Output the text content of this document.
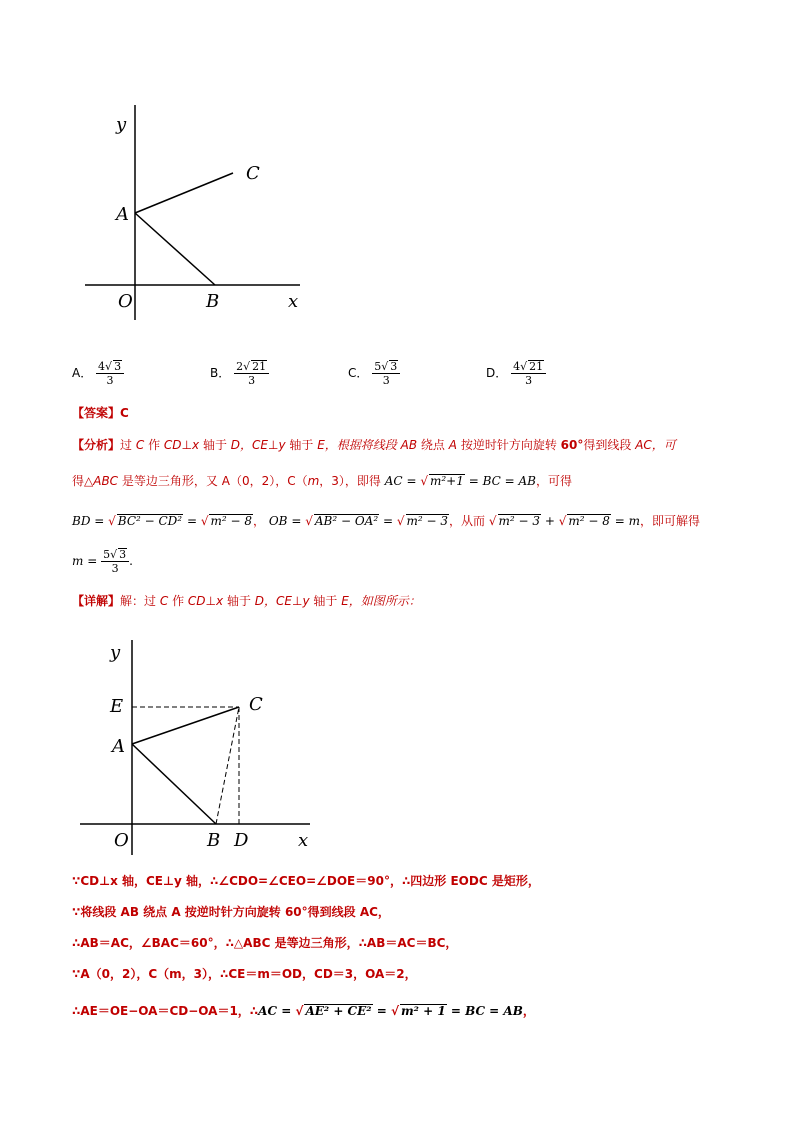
y
x
O
A
B
C
A． $\frac{4√ 3}{3}$	B． $\frac{2√ 21}{3}$	C． $\frac{5√ 3}{3}$	D． $\frac{4√ 21}{3}$
【答案】C
【分析】过 C 作 CD⊥x 轴于 D，CE⊥y 轴于 E，根据将线段 AB 绕点 A 按逆时针方向旋转 60°得到线段 AC，可
得△ABC 是等边三角形，又 A（0，2），C（m，3），即得 AC = √ m²+1 = BC = AB，可得
BD = √ BC² − CD² = √ m² − 8， OB = √ AB² − OA² = √ m² − 3，从而 √ m² − 3 + √ m² − 8 = m，即可解得
$m = \frac{5√ 3}{3}$ .
【详解】解：过 C 作 CD⊥x 轴于 D，CE⊥y 轴于 E，如图所示：
y
x
O
E
A
B D
C
∵CD⊥x 轴，CE⊥y 轴，∴∠CDO=∠CEO=∠DOE＝90°，∴四边形 EODC 是矩形，
∵将线段 AB 绕点 A 按逆时针方向旋转 60°得到线段 AC，
∴AB＝AC，∠BAC＝60°，∴△ABC 是等边三角形，∴AB＝AC＝BC，
∵A（0，2），C（m，3），∴CE＝m＝OD，CD＝3，OA＝2，
∴AE＝OE−OA＝CD−OA＝1，∴AC = √ AE² + CE² = √ m² + 1 = BC = AB，
